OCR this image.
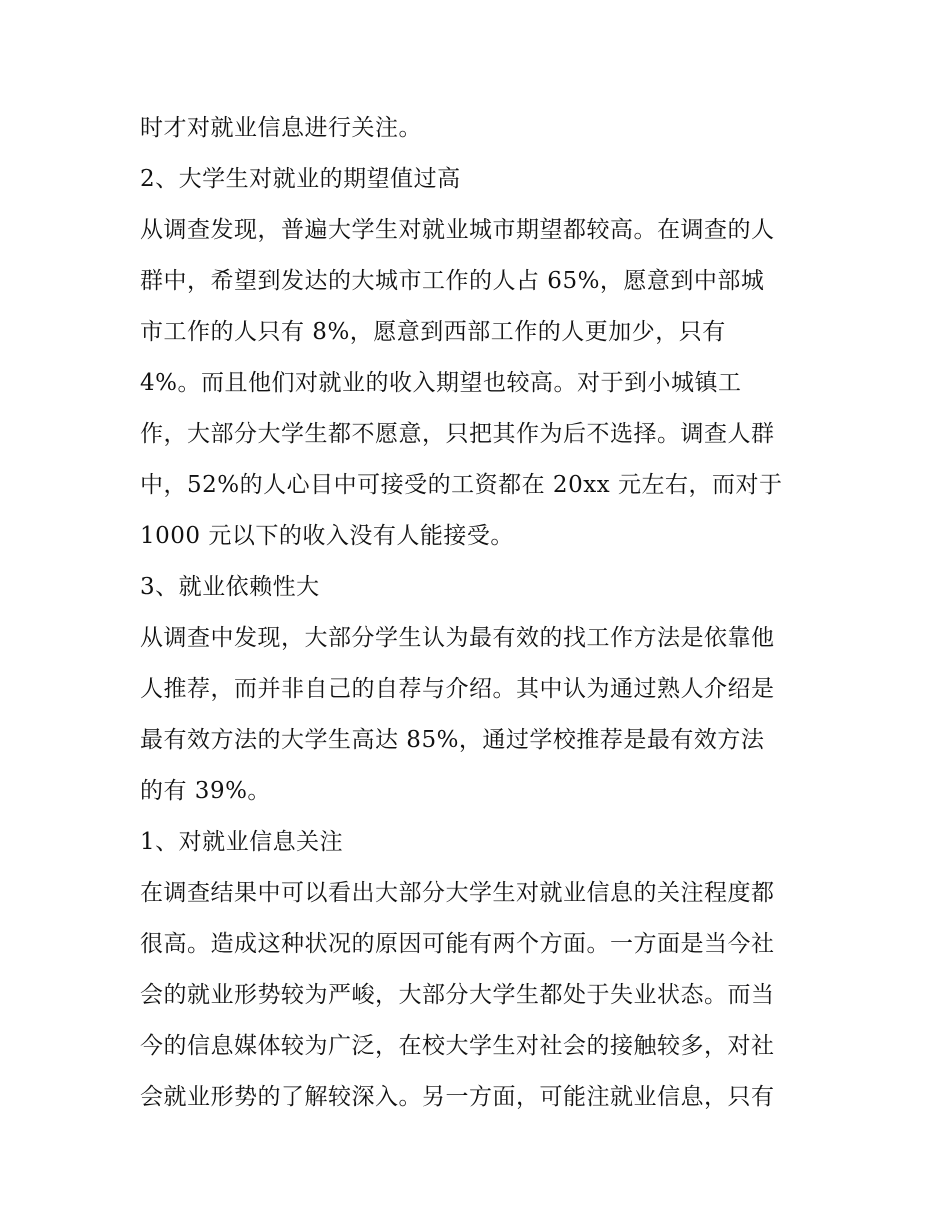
时才对就业信息进行关注。
2、大学生对就业的期望值过高
从调查发现，普遍大学生对就业城市期望都较高。在调查的人
群中，希望到发达的大城市工作的人占 65%，愿意到中部城
市工作的人只有 8%，愿意到西部工作的人更加少，只有
4%。而且他们对就业的收入期望也较高。对于到小城镇工
作，大部分大学生都不愿意，只把其作为后不选择。调查人群
中，52%的人心目中可接受的工资都在 20xx 元左右，而对于
1000 元以下的收入没有人能接受。
3、就业依赖性大
从调查中发现，大部分学生认为最有效的找工作方法是依靠他
人推荐，而并非自己的自荐与介绍。其中认为通过熟人介绍是
最有效方法的大学生高达 85%，通过学校推荐是最有效方法
的有 39%。
1、对就业信息关注
在调查结果中可以看出大部分大学生对就业信息的关注程度都
很高。造成这种状况的原因可能有两个方面。一方面是当今社
会的就业形势较为严峻，大部分大学生都处于失业状态。而当
今的信息媒体较为广泛，在校大学生对社会的接触较多，对社
会就业形势的了解较深入。另一方面，可能注就业信息，只有
